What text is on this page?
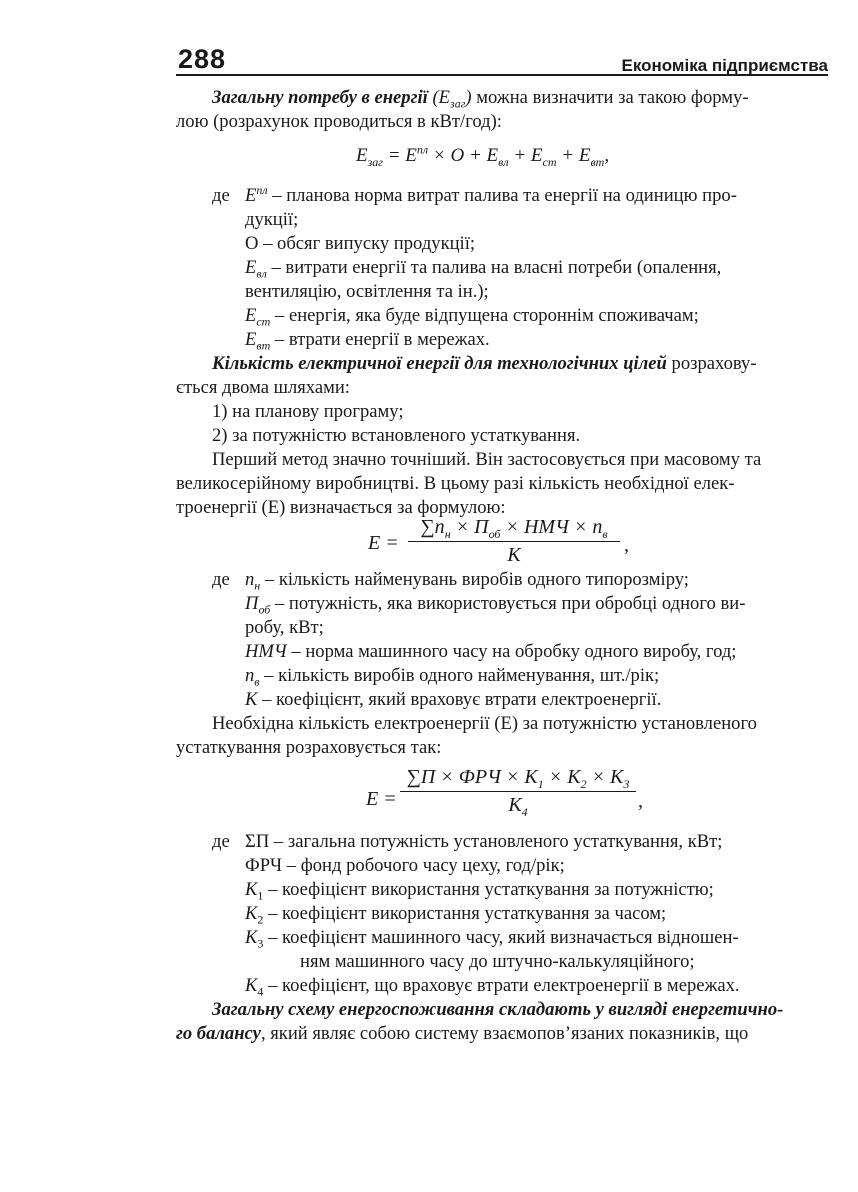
288	Економіка підприємства
Загальну потребу в енергії $(E_{заг})$ можна визначити за такою форму-
лою (розрахунок проводиться в кВт/год):
$E_{заг} = E^{пл} \times O + E_{вл} + E_{ст} + E_{вт}$,
де $E^{пл}$ – планова норма витрат палива та енергії на одиницю про-
дукції;
O – обсяг випуску продукції;
$E_{вл}$ – витрати енергії та палива на власні потреби (опалення,
вентиляцію, освітлення та ін.);
$E_{ст}$ – енергія, яка буде відпущена стороннім споживачам;
$E_{вт}$ – втрати енергії в мережах.
Кількість електричної енергії для технологічних цілей розрахову-
ється двома шляхами:
1) на планову програму;
2) за потужністю встановленого устаткування.
Перший метод значно точніший. Він застосовується при масовому та
великосерійному виробництві. В цьому разі кількість необхідної елек-
троенергії (E) визначається за формулою:
E =
$\sum n_н \times П_{об}$ × НМЧ × $n_в$
K	,
де $n_н$ – кількість найменувань виробів одного типорозміру;
$П_{об}$ – потужність, яка використовується при обробці одного ви-
робу, кВт;
НМЧ – норма машинного часу на обробку одного виробу, год;
$n_в$ – кількість виробів одного найменування, шт./рік;
K – коефіцієнт, який враховує втрати електроенергії.
Необхідна кількість електроенергії (E) за потужністю установленого
устаткування розраховується так:
E =
∑П × ФРЧ × $K_1 \times K_2 \times K_3$
$K_4$	,
де ΣП – загальна потужність установленого устаткування, кВт;
ФРЧ – фонд робочого часу цеху, год/рік;
$K_1$ – коефіцієнт використання устаткування за потужністю;
$K_2$ – коефіцієнт використання устаткування за часом;
$K_3$ – коефіцієнт машинного часу, який визначається відношен-
ням машинного часу до штучно-калькуляційного;
$K_4$ – коефіцієнт, що враховує втрати електроенергії в мережах.
Загальну схему енергоспоживання складають у вигляді енергетично-
го балансу, який являє собою систему взаємопов’язаних показників, що
